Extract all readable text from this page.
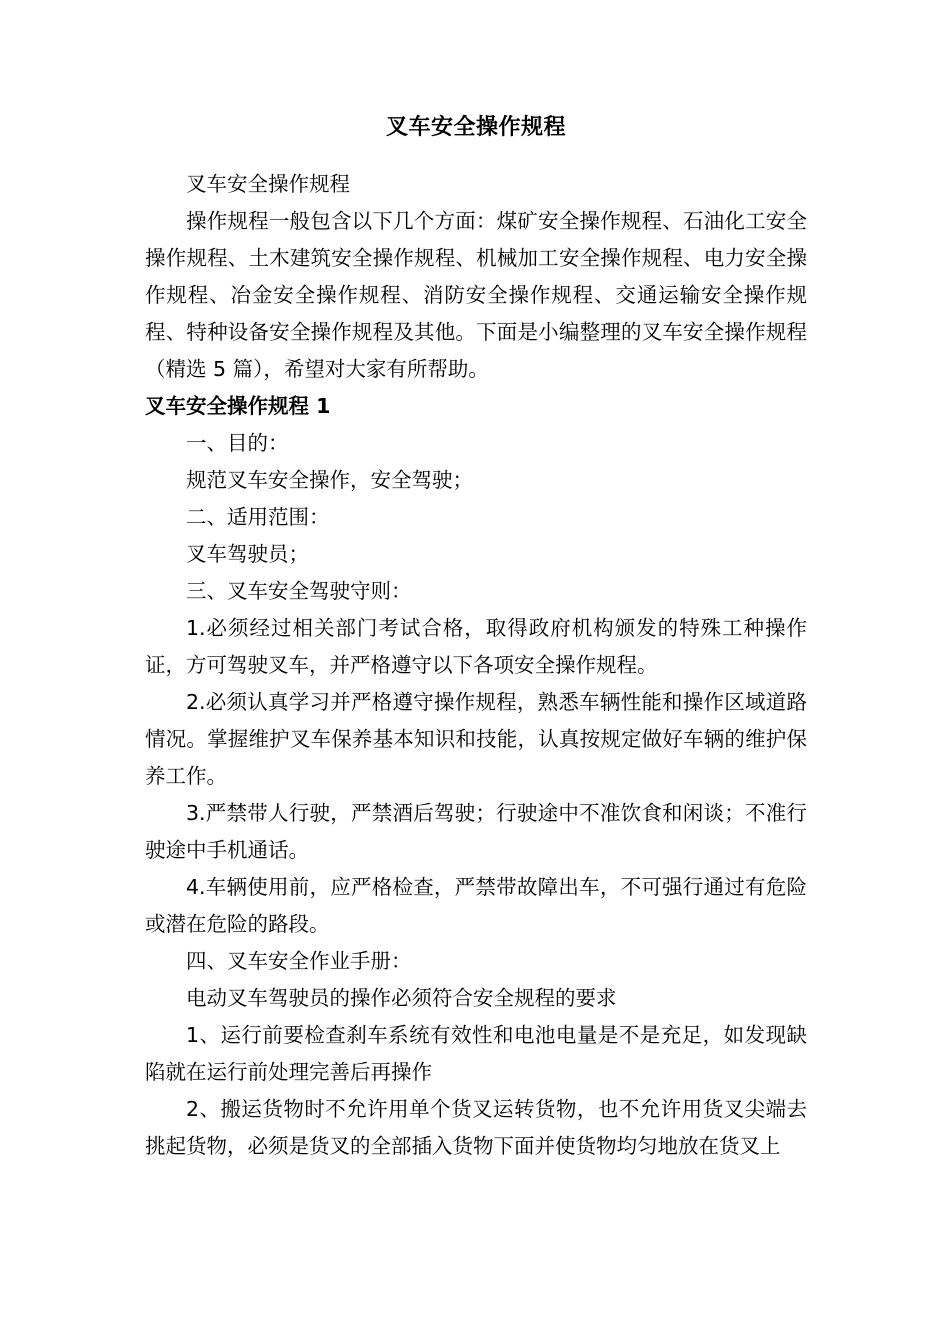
叉车安全操作规程

叉车安全操作规程

操作规程一般包含以下几个方面：煤矿安全操作规程、石油化工安全操作规程、土木建筑安全操作规程、机械加工安全操作规程、电力安全操作规程、冶金安全操作规程、消防安全操作规程、交通运输安全操作规程、特种设备安全操作规程及其他。下面是小编整理的叉车安全操作规程（精选 5 篇），希望对大家有所帮助。

叉车安全操作规程 1

一、目的：

规范叉车安全操作，安全驾驶；

二、适用范围：

叉车驾驶员；

三、叉车安全驾驶守则：

1.必须经过相关部门考试合格，取得政府机构颁发的特殊工种操作证，方可驾驶叉车，并严格遵守以下各项安全操作规程。

2.必须认真学习并严格遵守操作规程，熟悉车辆性能和操作区域道路情况。掌握维护叉车保养基本知识和技能，认真按规定做好车辆的维护保养工作。

3.严禁带人行驶，严禁酒后驾驶；行驶途中不准饮食和闲谈；不准行驶途中手机通话。

4.车辆使用前，应严格检查，严禁带故障出车，不可强行通过有危险或潜在危险的路段。

四、叉车安全作业手册：

电动叉车驾驶员的操作必须符合安全规程的要求

1、运行前要检查刹车系统有效性和电池电量是不是充足，如发现缺陷就在运行前处理完善后再操作

2、搬运货物时不允许用单个货叉运转货物，也不允许用货叉尖端去挑起货物，必须是货叉的全部插入货物下面并使货物均匀地放在货叉上
